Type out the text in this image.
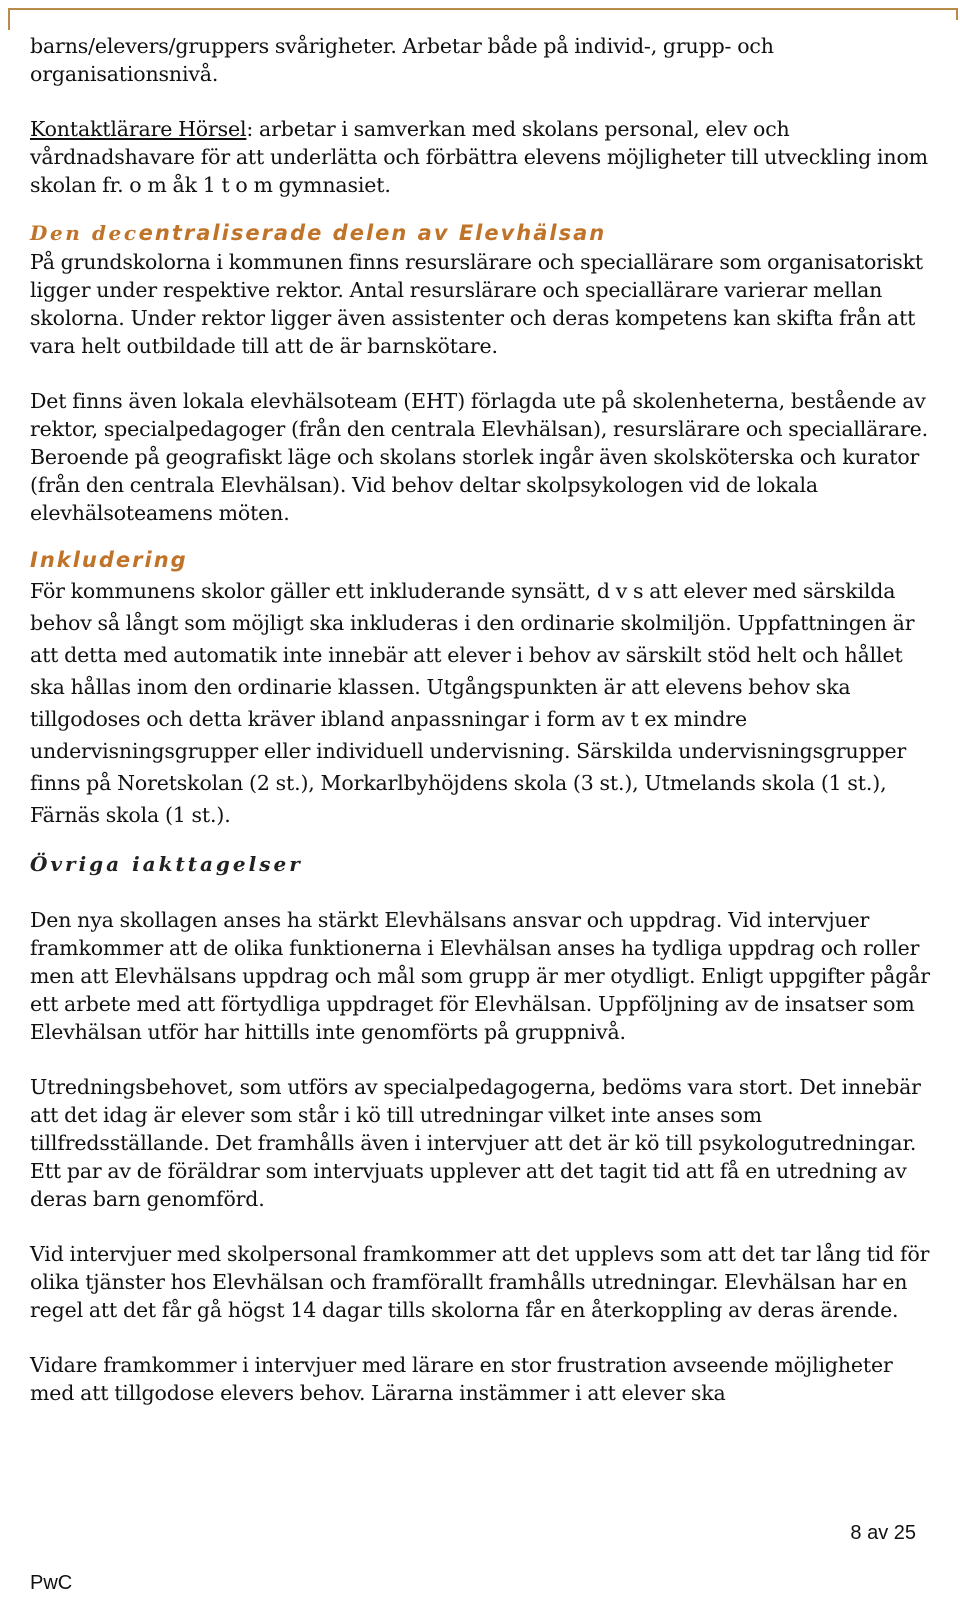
barns/elevers/gruppers svårigheter. Arbetar både på individ-, grupp- och organisationsnivå.

Kontaktlärare Hörsel: arbetar i samverkan med skolans personal, elev och vårdnadshavare för att underlätta och förbättra elevens möjligheter till utveckling inom skolan fr. o m åk 1 t o m gymnasiet.

Den decentraliserade delen av Elevhälsan

På grundskolorna i kommunen finns resurslärare och speciallärare som organisatoriskt ligger under respektive rektor. Antal resurslärare och speciallärare varierar mellan skolorna. Under rektor ligger även assistenter och deras kompetens kan skifta från att vara helt outbildade till att de är barnskötare.

Det finns även lokala elevhälsoteam (EHT) förlagda ute på skolenheterna, bestående av rektor, specialpedagoger (från den centrala Elevhälsan), resurslärare och speciallärare. Beroende på geografiskt läge och skolans storlek ingår även skolsköterska och kurator (från den centrala Elevhälsan). Vid behov deltar skolpsykologen vid de lokala elevhälsoteamens möten.

Inkludering

För kommunens skolor gäller ett inkluderande synsätt, d v s att elever med särskilda behov så långt som möjligt ska inkluderas i den ordinarie skolmiljön. Uppfattningen är att detta med automatik inte innebär att elever i behov av särskilt stöd helt och hållet ska hållas inom den ordinarie klassen. Utgångspunkten är att elevens behov ska tillgodoses och detta kräver ibland anpassningar i form av t ex mindre undervisningsgrupper eller individuell undervisning. Särskilda undervisningsgrupper finns på Noretskolan (2 st.), Morkarlbyhöjdens skola (3 st.), Utmelands skola (1 st.), Färnäs skola (1 st.).

Övriga iakttagelser

Den nya skollagen anses ha stärkt Elevhälsans ansvar och uppdrag. Vid intervjuer framkommer att de olika funktionerna i Elevhälsan anses ha tydliga uppdrag och roller men att Elevhälsans uppdrag och mål som grupp är mer otydligt. Enligt uppgifter pågår ett arbete med att förtydliga uppdraget för Elevhälsan. Uppföljning av de insatser som Elevhälsan utför har hittills inte genomförts på gruppnivå.

Utredningsbehovet, som utförs av specialpedagogerna, bedöms vara stort. Det innebär att det idag är elever som står i kö till utredningar vilket inte anses som tillfredsställande. Det framhålls även i intervjuer att det är kö till psykologutredningar. Ett par av de föräldrar som intervjuats upplever att det tagit tid att få en utredning av deras barn genomförd.

Vid intervjuer med skolpersonal framkommer att det upplevs som att det tar lång tid för olika tjänster hos Elevhälsan och framförallt framhålls utredningar. Elevhälsan har en regel att det får gå högst 14 dagar tills skolorna får en återkoppling av deras ärende.

Vidare framkommer i intervjuer med lärare en stor frustration avseende möjligheter med att tillgodose elevers behov. Lärarna instämmer i att elever ska

8 av 25
PwC
